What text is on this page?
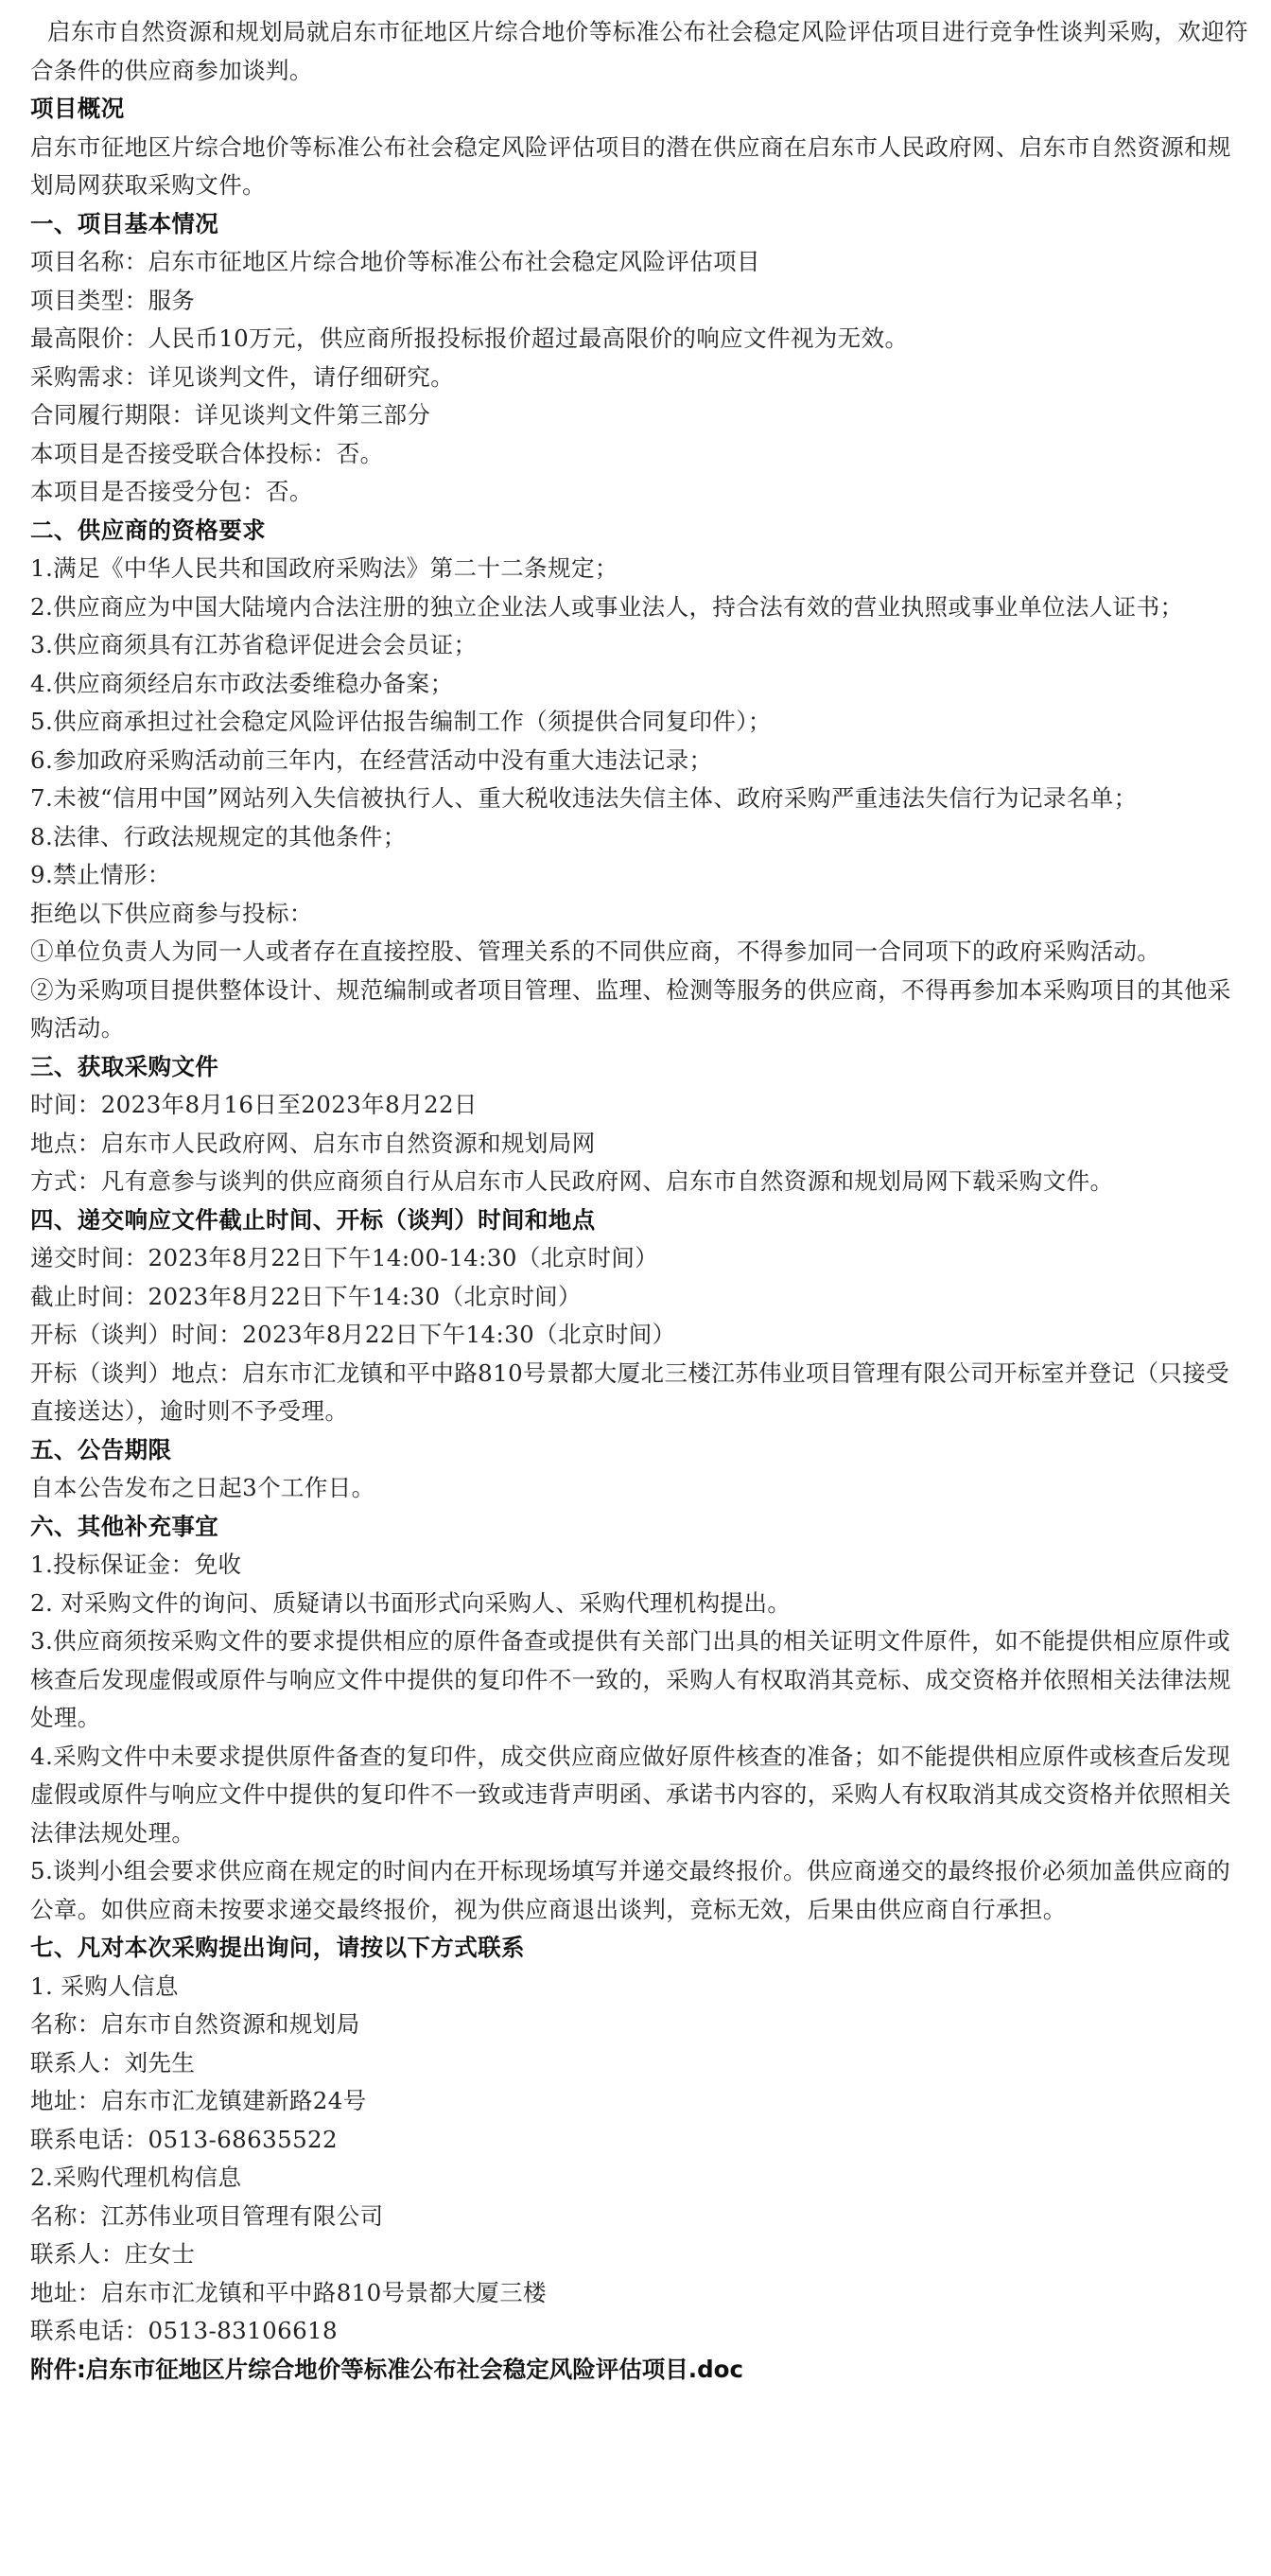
启东市自然资源和规划局就启东市征地区片综合地价等标准公布社会稳定风险评估项目进行竞争性谈判采购，欢迎符合条件的供应商参加谈判。

项目概况

启东市征地区片综合地价等标准公布社会稳定风险评估项目的潜在供应商在启东市人民政府网、启东市自然资源和规划局网获取采购文件。

一、项目基本情况

项目名称：启东市征地区片综合地价等标准公布社会稳定风险评估项目

项目类型：服务

最高限价：人民币10万元，供应商所报投标报价超过最高限价的响应文件视为无效。

采购需求：详见谈判文件，请仔细研究。

合同履行期限：详见谈判文件第三部分

本项目是否接受联合体投标：否。

本项目是否接受分包：否。

二、供应商的资格要求

1.满足《中华人民共和国政府采购法》第二十二条规定；

2.供应商应为中国大陆境内合法注册的独立企业法人或事业法人，持合法有效的营业执照或事业单位法人证书；

3.供应商须具有江苏省稳评促进会会员证；

4.供应商须经启东市政法委维稳办备案；

5.供应商承担过社会稳定风险评估报告编制工作（须提供合同复印件）；

6.参加政府采购活动前三年内，在经营活动中没有重大违法记录；

7.未被“信用中国”网站列入失信被执行人、重大税收违法失信主体、政府采购严重违法失信行为记录名单；

8.法律、行政法规规定的其他条件；

9.禁止情形：

拒绝以下供应商参与投标：

①单位负责人为同一人或者存在直接控股、管理关系的不同供应商，不得参加同一合同项下的政府采购活动。

②为采购项目提供整体设计、规范编制或者项目管理、监理、检测等服务的供应商，不得再参加本采购项目的其他采购活动。

三、获取采购文件

时间：2023年8月16日至2023年8月22日

地点：启东市人民政府网、启东市自然资源和规划局网

方式：凡有意参与谈判的供应商须自行从启东市人民政府网、启东市自然资源和规划局网下载采购文件。

四、递交响应文件截止时间、开标（谈判）时间和地点

递交时间：2023年8月22日下午14:00-14:30（北京时间）

截止时间：2023年8月22日下午14:30（北京时间）

开标（谈判）时间：2023年8月22日下午14:30（北京时间）

开标（谈判）地点：启东市汇龙镇和平中路810号景都大厦北三楼江苏伟业项目管理有限公司开标室并登记（只接受直接送达），逾时则不予受理。

五、公告期限

自本公告发布之日起3个工作日。

六、其他补充事宜

1.投标保证金：免收

2. 对采购文件的询问、质疑请以书面形式向采购人、采购代理机构提出。

3.供应商须按采购文件的要求提供相应的原件备查或提供有关部门出具的相关证明文件原件，如不能提供相应原件或核查后发现虚假或原件与响应文件中提供的复印件不一致的，采购人有权取消其竞标、成交资格并依照相关法律法规处理。

4.采购文件中未要求提供原件备查的复印件，成交供应商应做好原件核查的准备；如不能提供相应原件或核查后发现虚假或原件与响应文件中提供的复印件不一致或违背声明函、承诺书内容的，采购人有权取消其成交资格并依照相关法律法规处理。

5.谈判小组会要求供应商在规定的时间内在开标现场填写并递交最终报价。供应商递交的最终报价必须加盖供应商的公章。如供应商未按要求递交最终报价，视为供应商退出谈判，竞标无效，后果由供应商自行承担。

七、凡对本次采购提出询问，请按以下方式联系

1. 采购人信息

名称：启东市自然资源和规划局

联系人：刘先生

地址：启东市汇龙镇建新路24号

联系电话：0513-68635522

2.采购代理机构信息

名称：江苏伟业项目管理有限公司

联系人：庄女士

地址：启东市汇龙镇和平中路810号景都大厦三楼

联系电话：0513-83106618

附件:启东市征地区片综合地价等标准公布社会稳定风险评估项目.doc
